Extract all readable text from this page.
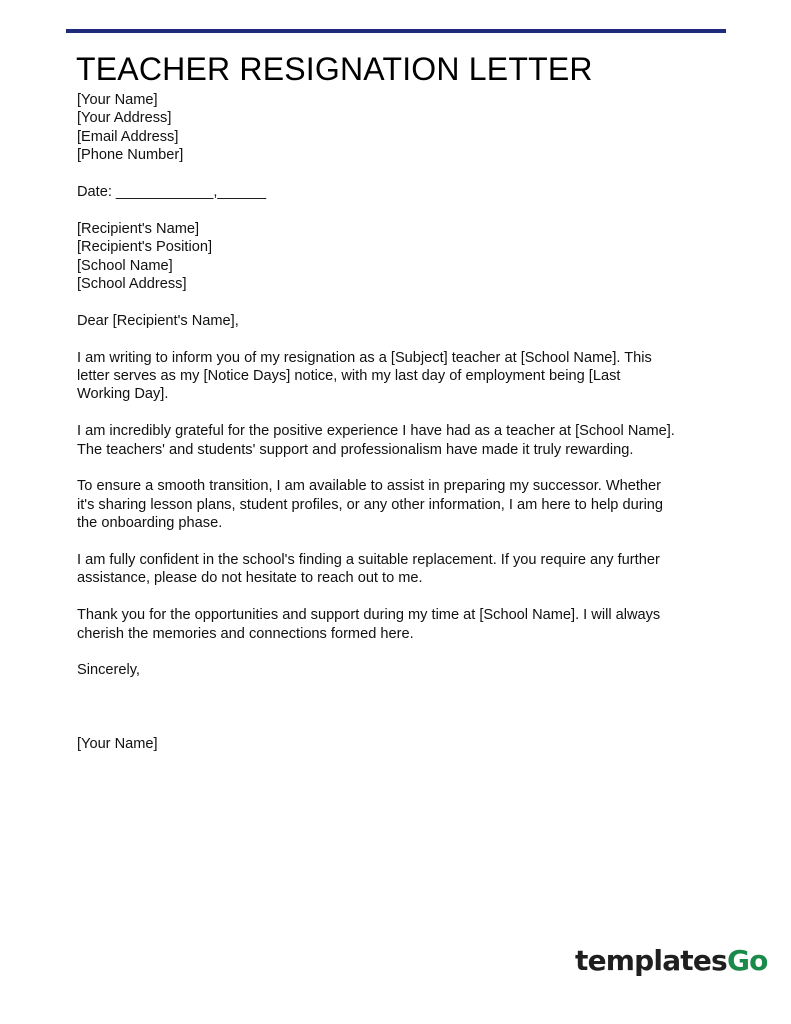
TEACHER RESIGNATION LETTER
[Your Name]
[Your Address]
[Email Address]
[Phone Number]
Date: ____________,______
[Recipient's Name]
[Recipient's Position]
[School Name]
[School Address]
Dear [Recipient's Name],
I am writing to inform you of my resignation as a [Subject] teacher at [School Name]. This
letter serves as my [Notice Days] notice, with my last day of employment being [Last
Working Day].
I am incredibly grateful for the positive experience I have had as a teacher at [School Name].
The teachers' and students' support and professionalism have made it truly rewarding.
To ensure a smooth transition, I am available to assist in preparing my successor. Whether
it's sharing lesson plans, student profiles, or any other information, I am here to help during
the onboarding phase.
I am fully confident in the school's finding a suitable replacement. If you require any further
assistance, please do not hesitate to reach out to me.
Thank you for the opportunities and support during my time at [School Name]. I will always
cherish the memories and connections formed here.
Sincerely,
[Your Name]
templatesGo
